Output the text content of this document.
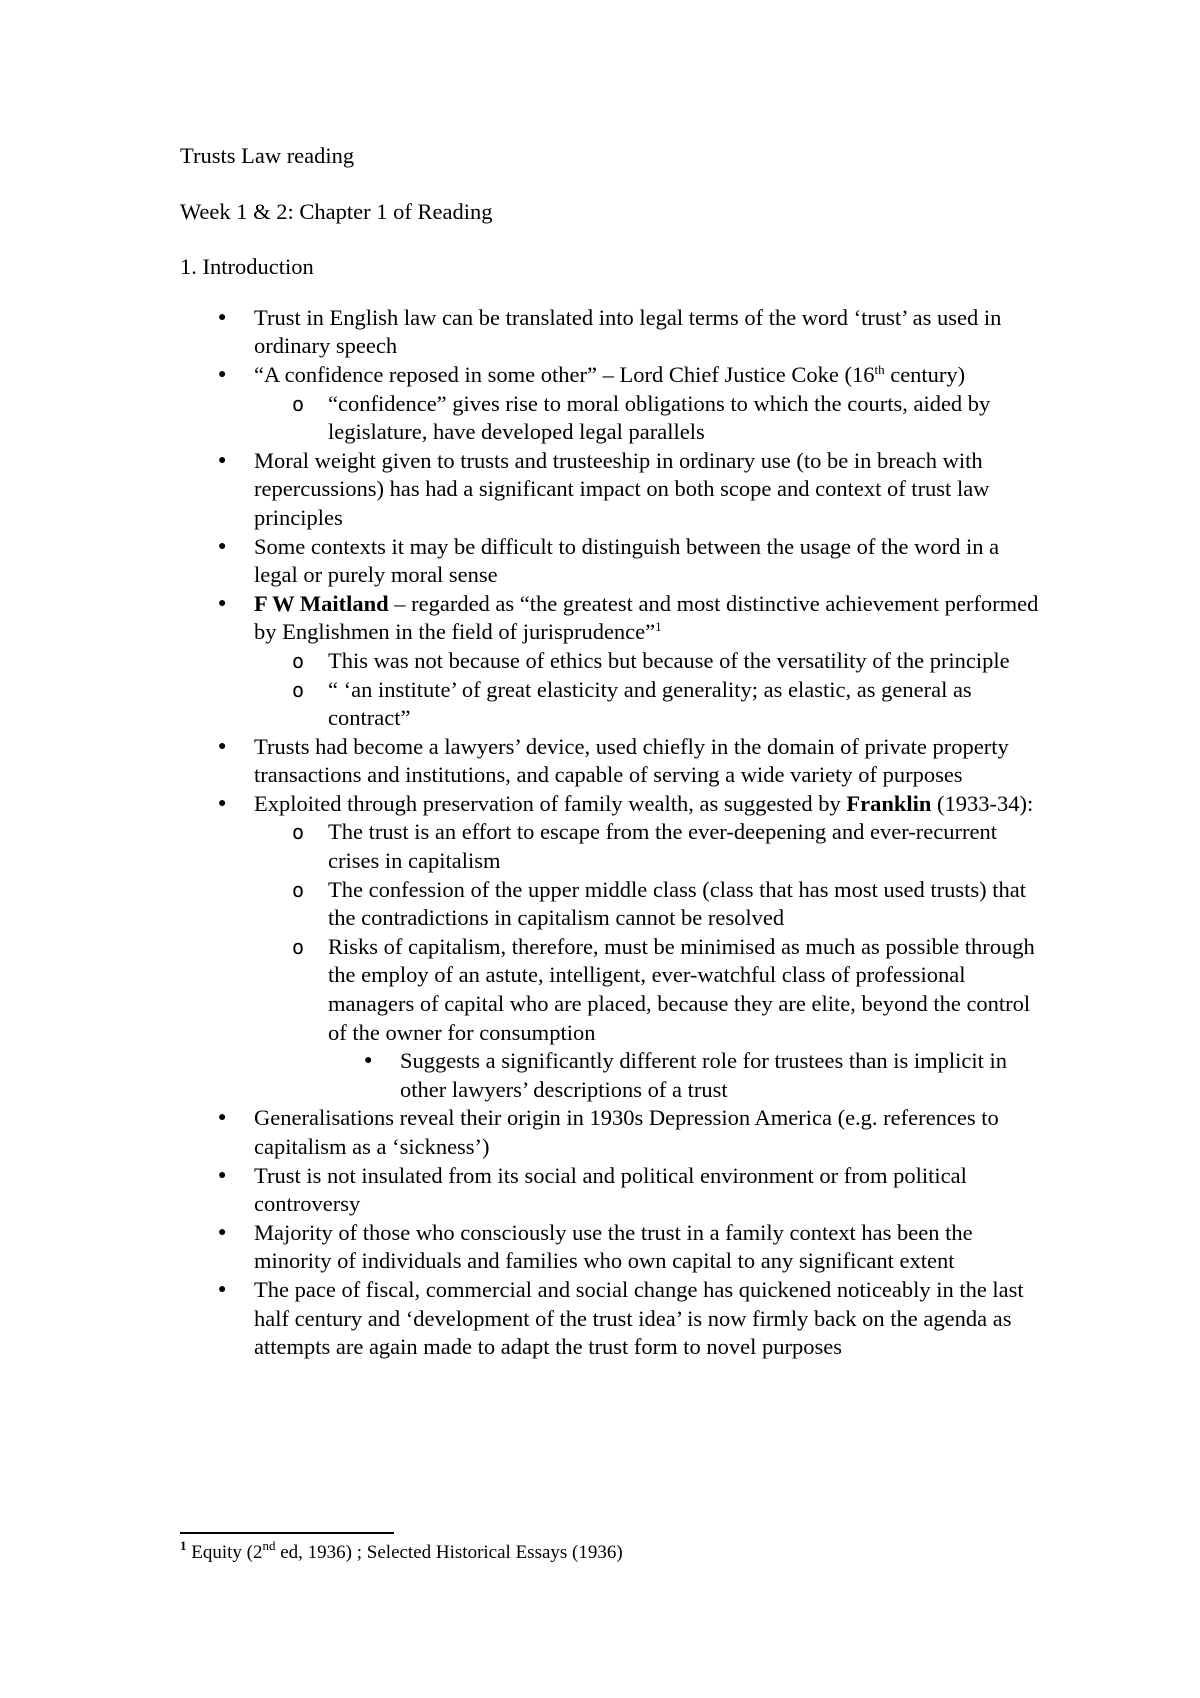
Trusts Law reading

Week 1 & 2: Chapter 1 of Reading

1. Introduction

● Trust in English law can be translated into legal terms of the word ‘trust’ as used in ordinary speech
● “A confidence reposed in some other” – Lord Chief Justice Coke (16th century)
o “confidence” gives rise to moral obligations to which the courts, aided by legislature, have developed legal parallels
● Moral weight given to trusts and trusteeship in ordinary use (to be in breach with repercussions) has had a significant impact on both scope and context of trust law principles
● Some contexts it may be difficult to distinguish between the usage of the word in a legal or purely moral sense
● F W Maitland – regarded as “the greatest and most distinctive achievement performed by Englishmen in the field of jurisprudence”$^1$
o This was not because of ethics but because of the versatility of the principle
o “ ‘an institute’ of great elasticity and generality; as elastic, as general as contract”
● Trusts had become a lawyers’ device, used chiefly in the domain of private property transactions and institutions, and capable of serving a wide variety of purposes
● Exploited through preservation of family wealth, as suggested by Franklin (1933-34):
o The trust is an effort to escape from the ever-deepening and ever-recurrent crises in capitalism
o The confession of the upper middle class (class that has most used trusts) that the contradictions in capitalism cannot be resolved
o Risks of capitalism, therefore, must be minimised as much as possible through the employ of an astute, intelligent, ever-watchful class of professional managers of capital who are placed, because they are elite, beyond the control of the owner for consumption
● Suggests a significantly different role for trustees than is implicit in other lawyers’ descriptions of a trust
● Generalisations reveal their origin in 1930s Depression America (e.g. references to capitalism as a ‘sickness’)
● Trust is not insulated from its social and political environment or from political controversy
● Majority of those who consciously use the trust in a family context has been the minority of individuals and families who own capital to any significant extent
● The pace of fiscal, commercial and social change has quickened noticeably in the last half century and ‘development of the trust idea’ is now firmly back on the agenda as attempts are again made to adapt the trust form to novel purposes
$^1$ Equity (2nd ed, 1936) ; Selected Historical Essays (1936)
